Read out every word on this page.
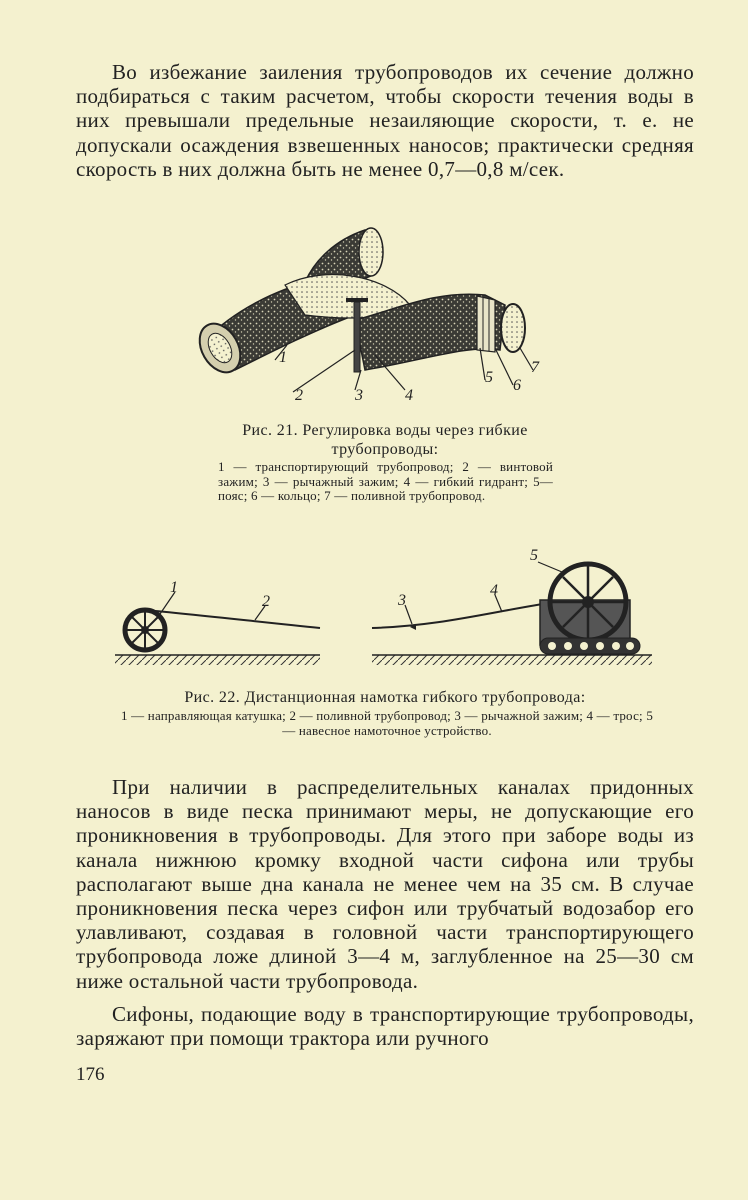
Во избежание заиления трубопроводов их сечение должно подбираться с таким расчетом, чтобы скорости течения воды в них превышали предельные незаиляющие скорости, т. е. не допускали осаждения взвешенных наносов; практически средняя скорость в них должна быть не менее 0,7—0,8 м/сек.
1
2	3	4
5 6
7
Рис. 21. Регулировка воды через гибкие трубопроводы:
1 — транспортирующий трубопровод; 2 — винтовой зажим; 3 — рычажный зажим; 4 — гибкий гидрант; 5— пояс; 6 — кольцо; 7 — поливной трубопровод.
1
2	3
4
5
Рис. 22. Дистанционная намотка гибкого трубопровода:
1 — направляющая катушка; 2 — поливной трубопровод; 3 — рычажной зажим; 4 — трос; 5 — навесное намоточное устройство.
При наличии в распределительных каналах придонных наносов в виде песка принимают меры, не допускающие его проникновения в трубопроводы. Для этого при заборе воды из канала нижнюю кромку входной части сифона или трубы располагают выше дна канала не менее чем на 35 см. В случае проникновения песка через сифон или трубчатый водозабор его улавливают, создавая в головной части транспортирующего трубопровода ложе длиной 3—4 м, заглубленное на 25—30 см ниже остальной части трубопровода.
Сифоны, подающие воду в транспортирующие трубопроводы, заряжают при помощи трактора или ручного
176
